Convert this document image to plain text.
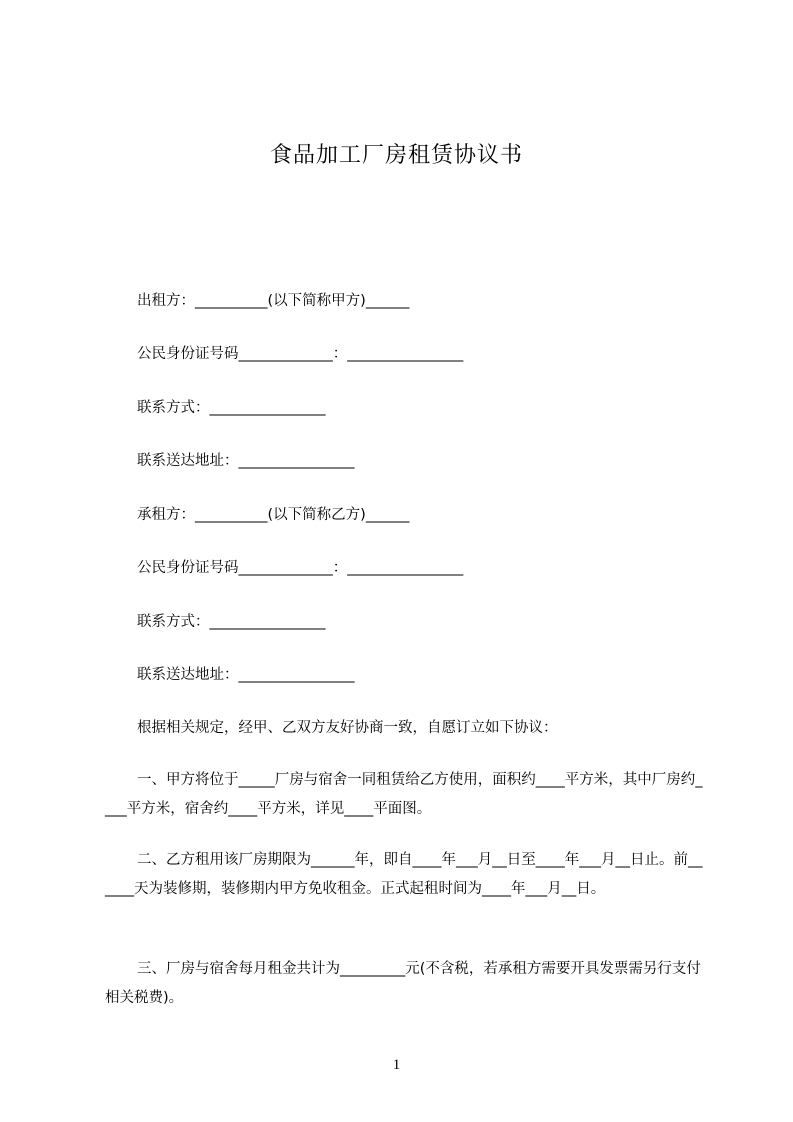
食品加工厂房租赁协议书
出租方：__________(以下简称甲方)______
公民身份证号码_____________：________________
联系方式：________________
联系送达地址：________________
承租方：__________(以下简称乙方)______
公民身份证号码_____________：________________
联系方式：________________
联系送达地址：________________
根据相关规定，经甲、乙双方友好协商一致，自愿订立如下协议：
一、甲方将位于_____厂房与宿舍一同租赁给乙方使用，面积约____平方米，其中厂房约____平方米，宿舍约____平方米，详见____平面图。
二、乙方租用该厂房期限为______年，即自____年___月__日至____年___月__日止。前______天为装修期，装修期内甲方免收租金。正式起租时间为____年___月__日。
三、厂房与宿舍每月租金共计为_________元(不含税，若承租方需要开具发票需另行支付相关税费)。
1
